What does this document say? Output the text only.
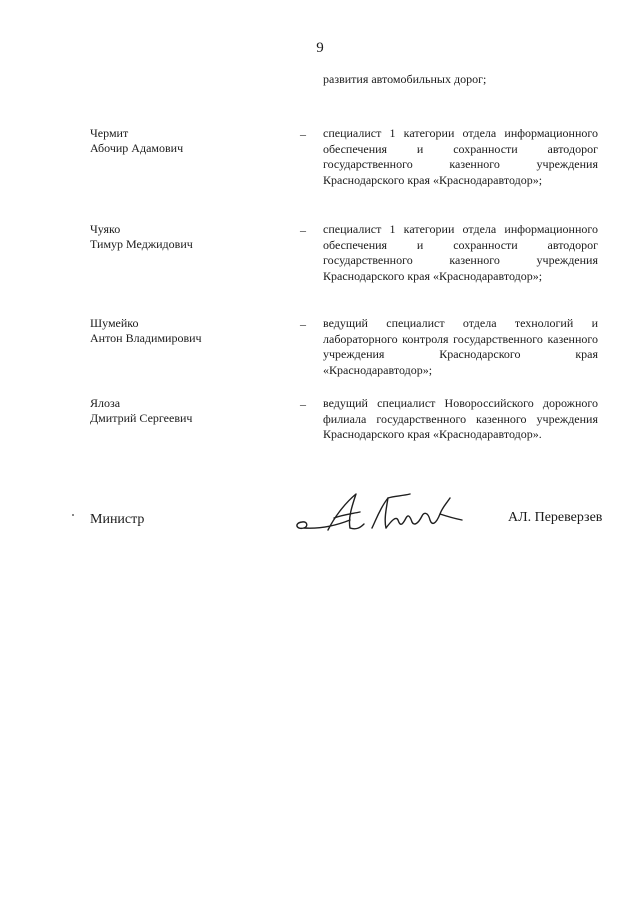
9
развития автомобильных дорог;
Чермит
Абочир Адамович
– специалист 1 категории отдела информационного обеспечения и сохранности автодорог государственного казенного учреждения Краснодарского края «Краснодаравтодор»;
Чуяко
Тимур Меджидович
– специалист 1 категории отдела информационного обеспечения и сохранности автодорог государственного казенного учреждения Краснодарского края «Краснодаравтодор»;
Шумейко
Антон Владимирович
– ведущий специалист отдела технологий и лабораторного контроля государственного казенного учреждения Краснодарского края «Краснодаравтодор»;
Ялоза
Дмитрий Сергеевич
– ведущий специалист Новороссийского дорожного филиала государственного казенного учреждения Краснодарского края «Краснодаравтодор».
Министр	АЛ. Переверзев
